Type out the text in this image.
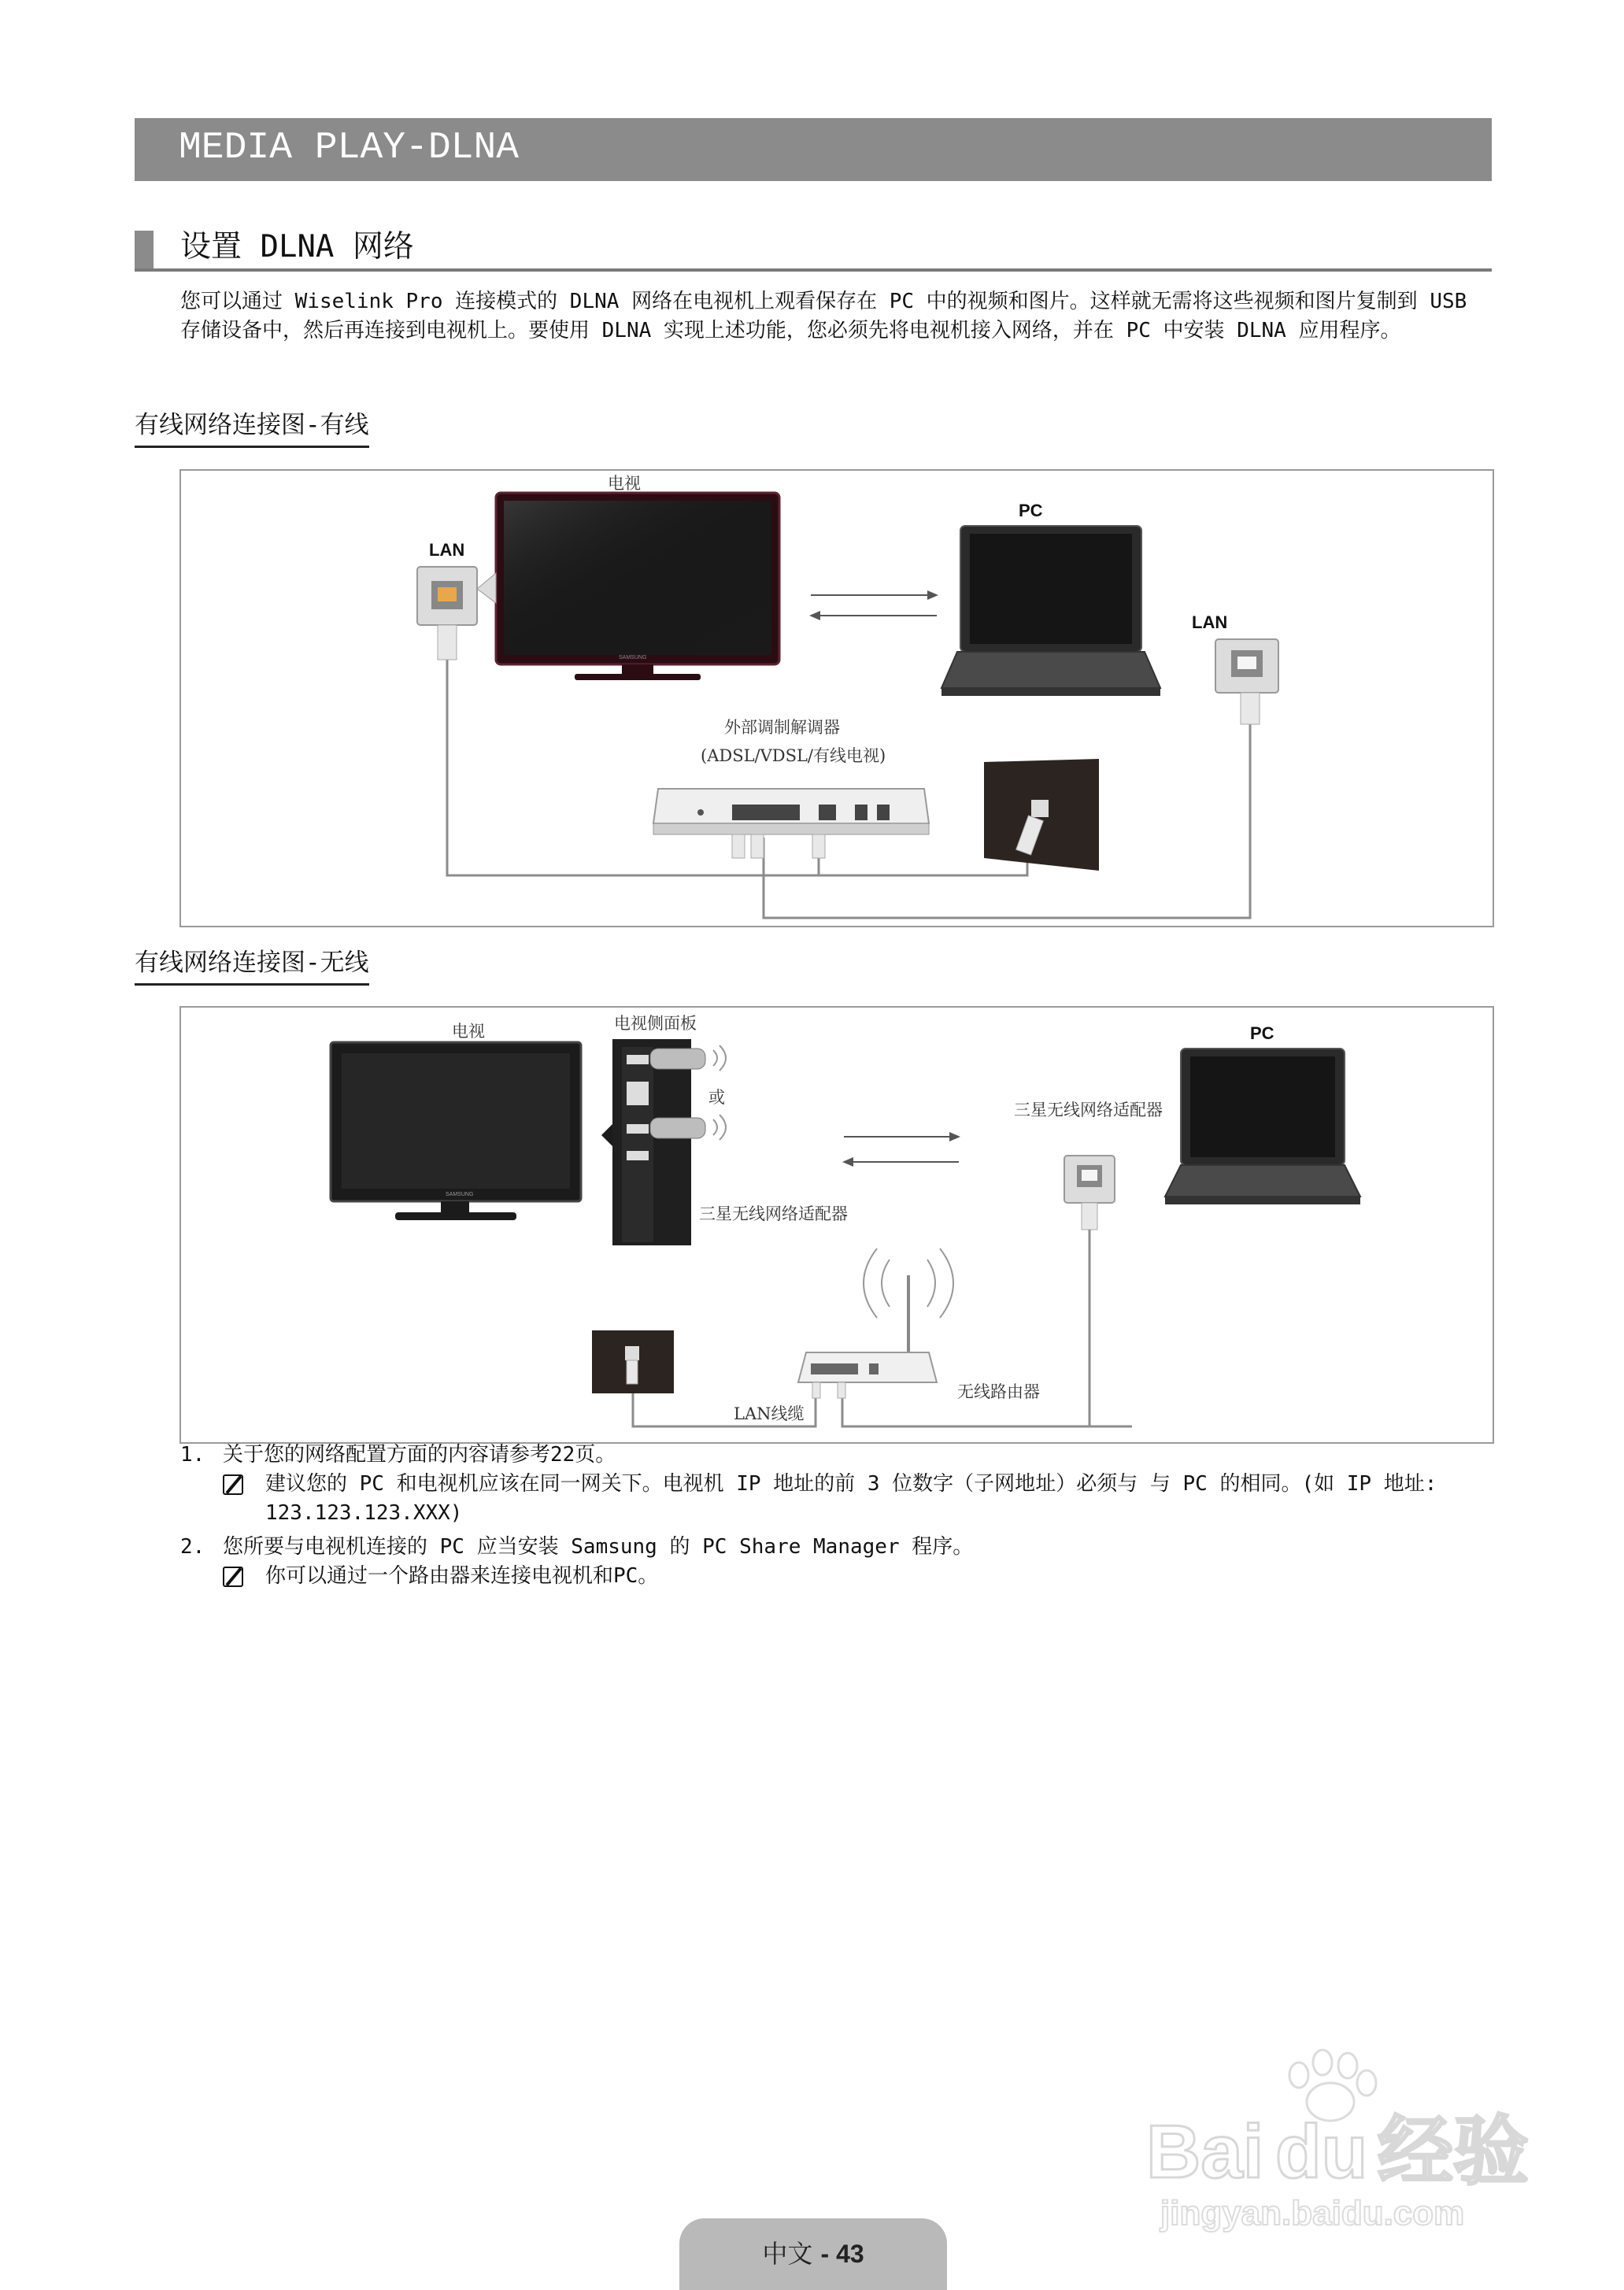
MEDIA PLAY-DLNA
设置 DLNA 网络
您可以通过 Wiselink Pro 连接模式的 DLNA 网络在电视机上观看保存在 PC 中的视频和图片。这样就无需将这些视频和图片复制到 USB 存储设备中，然后再连接到电视机上。要使用 DLNA 实现上述功能，您必须先将电视机接入网络，并在 PC 中安装 DLNA 应用程序。
有线网络连接图-有线
电视
LAN
PC
LAN
外部调制解调器
(ADSL/VDSL/有线电视)
SAMSUNG
有线网络连接图-无线
电视	电视侧面板
或
三星无线网络适配器
三星无线网络适配器
PC
无线路由器
LAN线缆
SAMSUNG
1. 关于您的网络配置方面的内容请参考22页。
建议您的 PC 和电视机应该在同一网关下。电视机 IP 地址的前 3 位数字（子网地址）必须与 与 PC 的相同。(如 IP 地址: 123.123.123.XXX)
2. 您所要与电视机连接的 PC 应当安装 Samsung 的 PC Share Manager 程序。
你可以通过一个路由器来连接电视机和PC。
Bai du 经验
jingyan.baidu.com
中文 - 43
